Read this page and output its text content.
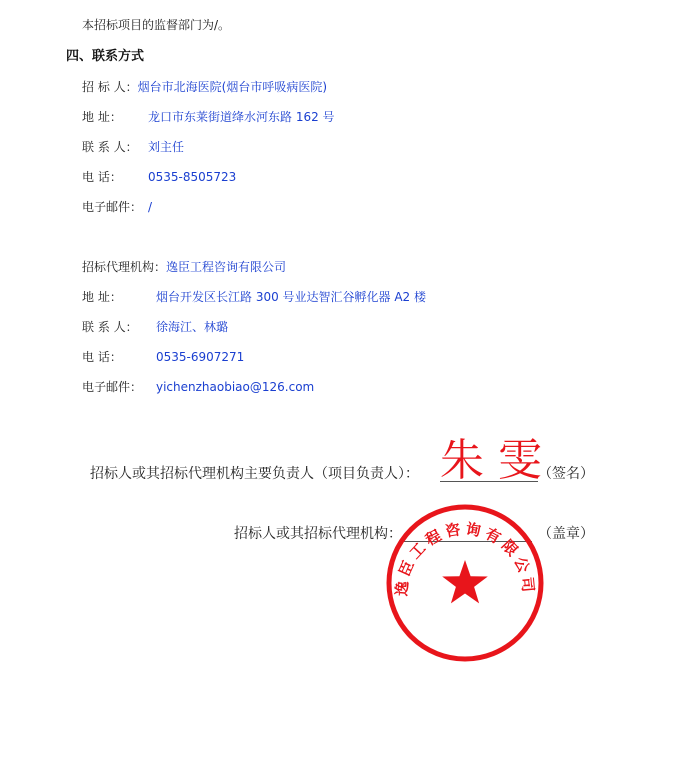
本招标项目的监督部门为/。
四、联系方式
招 标 人：烟台市北海医院(烟台市呼吸病医院)
地 址： 龙口市东莱街道绛水河东路 162 号
联 系 人： 刘主任
电 话： 0535-8505723
电子邮件： /
招标代理机构：逸臣工程咨询有限公司
地 址：	烟台开发区长江路 300 号业达智汇谷孵化器 A2 楼
联 系 人： 徐海江、林璐
电 话：	0535-6907271
电子邮件： yichenzhaobiao@126.com
招标人或其招标代理机构主要负责人（项目负责人）：	（签名）
朱 雯
招标人或其招标代理机构：	（盖章）
逸臣工程咨询有限公司
